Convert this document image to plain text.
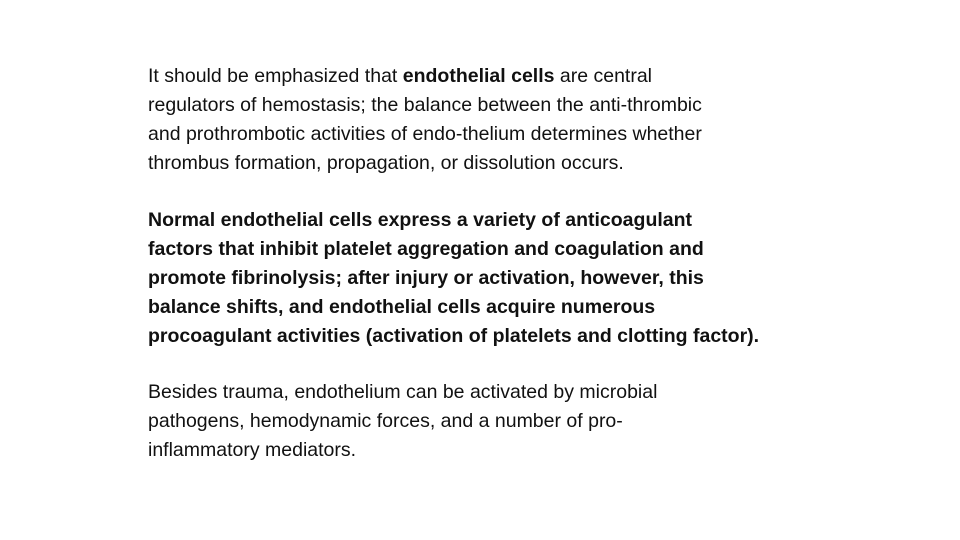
It should be emphasized that endothelial cells are central
regulators of hemostasis; the balance between the anti-thrombic
and prothrombotic activities of endo-thelium determines whether
thrombus formation, propagation, or dissolution occurs.

Normal endothelial cells express a variety of anticoagulant
factors that inhibit platelet aggregation and coagulation and
promote fibrinolysis; after injury or activation, however, this
balance shifts, and endothelial cells acquire numerous
procoagulant activities (activation of platelets and clotting factor).

Besides trauma, endothelium can be activated by microbial
pathogens, hemodynamic forces, and a number of pro-
inflammatory mediators.
